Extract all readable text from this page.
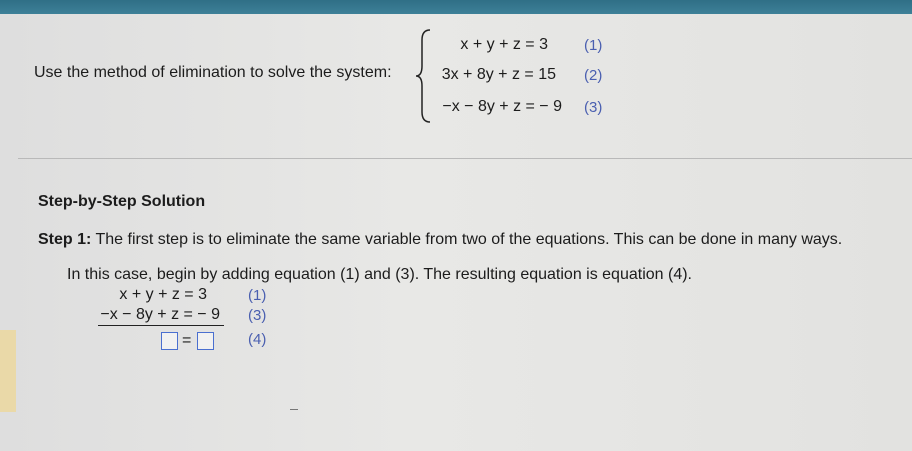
Use the method of elimination to solve the system:
x + y + z = 3 (1)
3x + 8y + z = 15 (2)
−x − 8y + z = − 9 (3)
Step-by-Step Solution
Step 1: The first step is to eliminate the same variable from two of the equations. This can be done in many ways.
In this case, begin by adding equation (1) and (3). The resulting equation is equation (4).
x + y + z = 3	(1)
−x − 8y + z = − 9 (3)
=	(4)
